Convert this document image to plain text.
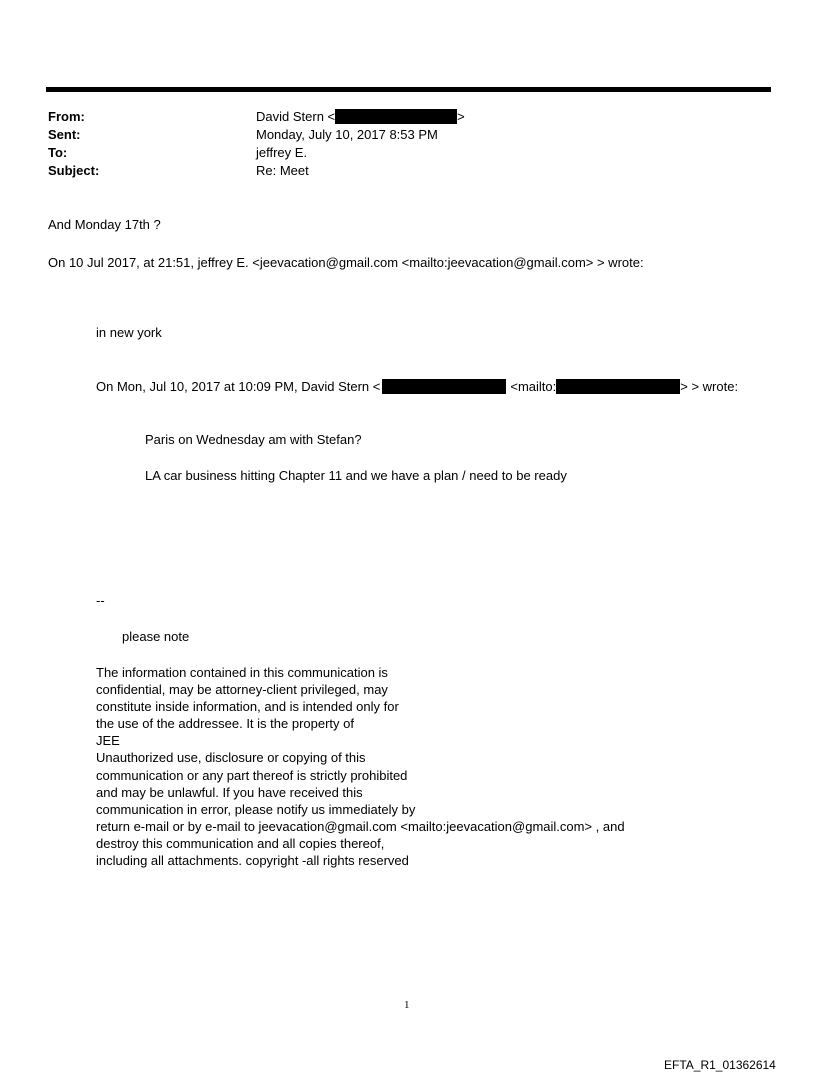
From:	David Stern <	>
Sent:	Monday, July 10, 2017 8:53 PM
To:	jeffrey E.
Subject:	Re: Meet
And Monday 17th ?
On 10 Jul 2017, at 21:51, jeffrey E. <jeevacation@gmail.com <mailto:jeevacation@gmail.com> > wrote:
in new york
On Mon, Jul 10, 2017 at 10:09 PM, David Stern <	<mailto:	> > wrote:
Paris on Wednesday am with Stefan?
LA car business hitting Chapter 11 and we have a plan / need to be ready
--
please note
The information contained in this communication is
confidential, may be attorney-client privileged, may
constitute inside information, and is intended only for
the use of the addressee. It is the property of
JEE
Unauthorized use, disclosure or copying of this
communication or any part thereof is strictly prohibited
and may be unlawful. If you have received this
communication in error, please notify us immediately by
return e-mail or by e-mail to jeevacation@gmail.com <mailto:jeevacation@gmail.com> , and
destroy this communication and all copies thereof,
including all attachments. copyright -all rights reserved
1
EFTA_R1_01362614
